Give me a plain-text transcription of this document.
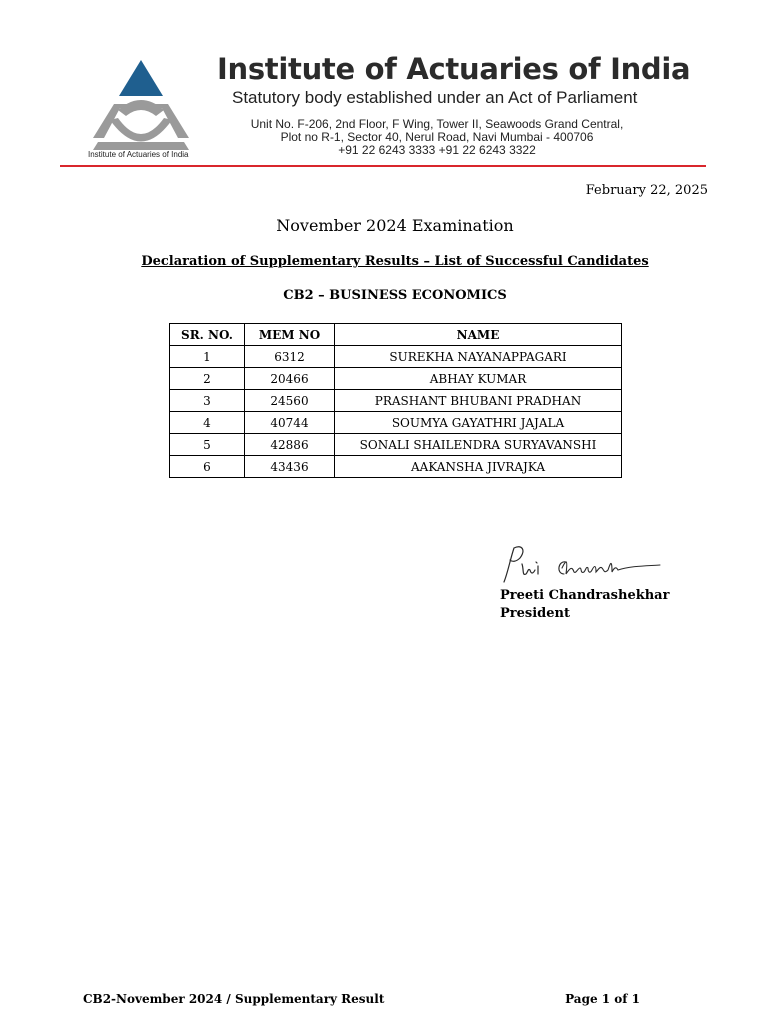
Institute of Actuaries of India
Institute of Actuaries of India
Statutory body established under an Act of Parliament
Unit No. F-206, 2nd Floor, F Wing, Tower II, Seawoods Grand Central,
Plot no R-1, Sector 40, Nerul Road, Navi Mumbai - 400706
+91 22 6243 3333 +91 22 6243 3322
February 22, 2025
November 2024 Examination
Declaration of Supplementary Results – List of Successful Candidates
CB2 – BUSINESS ECONOMICS
SR. NO.	MEM NO	NAME
1	6312	SUREKHA NAYANAPPAGARI
2	20466	ABHAY KUMAR
3	24560	PRASHANT BHUBANI PRADHAN
4	40744	SOUMYA GAYATHRI JAJALA
5	42886	SONALI SHAILENDRA SURYAVANSHI
6	43436	AAKANSHA JIVRAJKA
Preeti Chandrashekhar
President
CB2-November 2024 / Supplementary Result	Page 1 of 1
